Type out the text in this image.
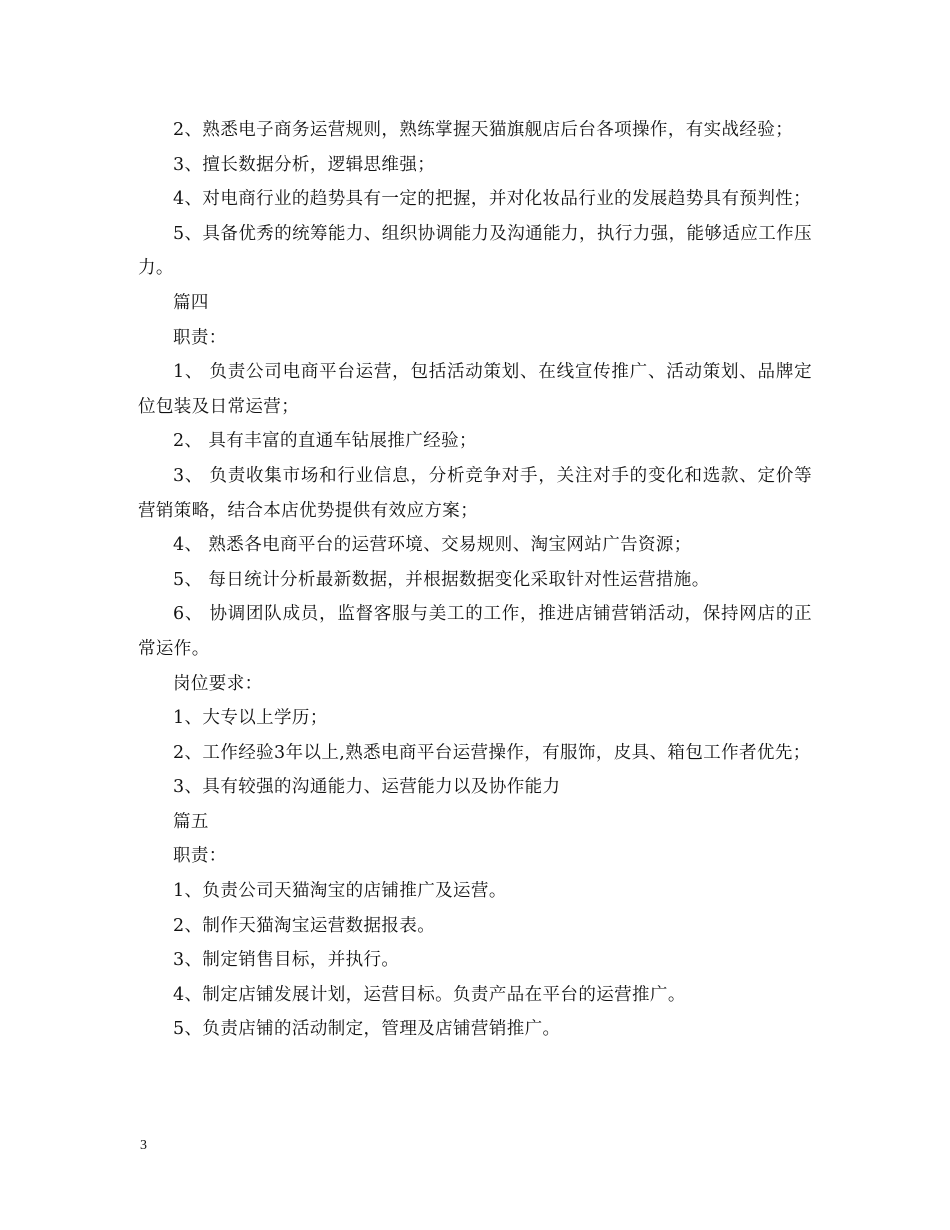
2、熟悉电子商务运营规则，熟练掌握天猫旗舰店后台各项操作，有实战经验；

3、擅长数据分析，逻辑思维强；

4、对电商行业的趋势具有一定的把握，并对化妆品行业的发展趋势具有预判性；

5、具备优秀的统筹能力、组织协调能力及沟通能力，执行力强，能够适应工作压力。

篇四

职责：

1、 负责公司电商平台运营，包括活动策划、在线宣传推广、活动策划、品牌定位包装及日常运营；

2、 具有丰富的直通车钻展推广经验；

3、 负责收集市场和行业信息，分析竞争对手，关注对手的变化和选款、定价等营销策略，结合本店优势提供有效应方案；

4、 熟悉各电商平台的运营环境、交易规则、淘宝网站广告资源；

5、 每日统计分析最新数据，并根据数据变化采取针对性运营措施。

6、 协调团队成员，监督客服与美工的工作，推进店铺营销活动，保持网店的正常运作。

岗位要求：

1、大专以上学历；

2、工作经验3年以上,熟悉电商平台运营操作，有服饰，皮具、箱包工作者优先；

3、具有较强的沟通能力、运营能力以及协作能力

篇五

职责：

1、负责公司天猫淘宝的店铺推广及运营。

2、制作天猫淘宝运营数据报表。

3、制定销售目标，并执行。

4、制定店铺发展计划，运营目标。负责产品在平台的运营推广。

5、负责店铺的活动制定，管理及店铺营销推广。

3
